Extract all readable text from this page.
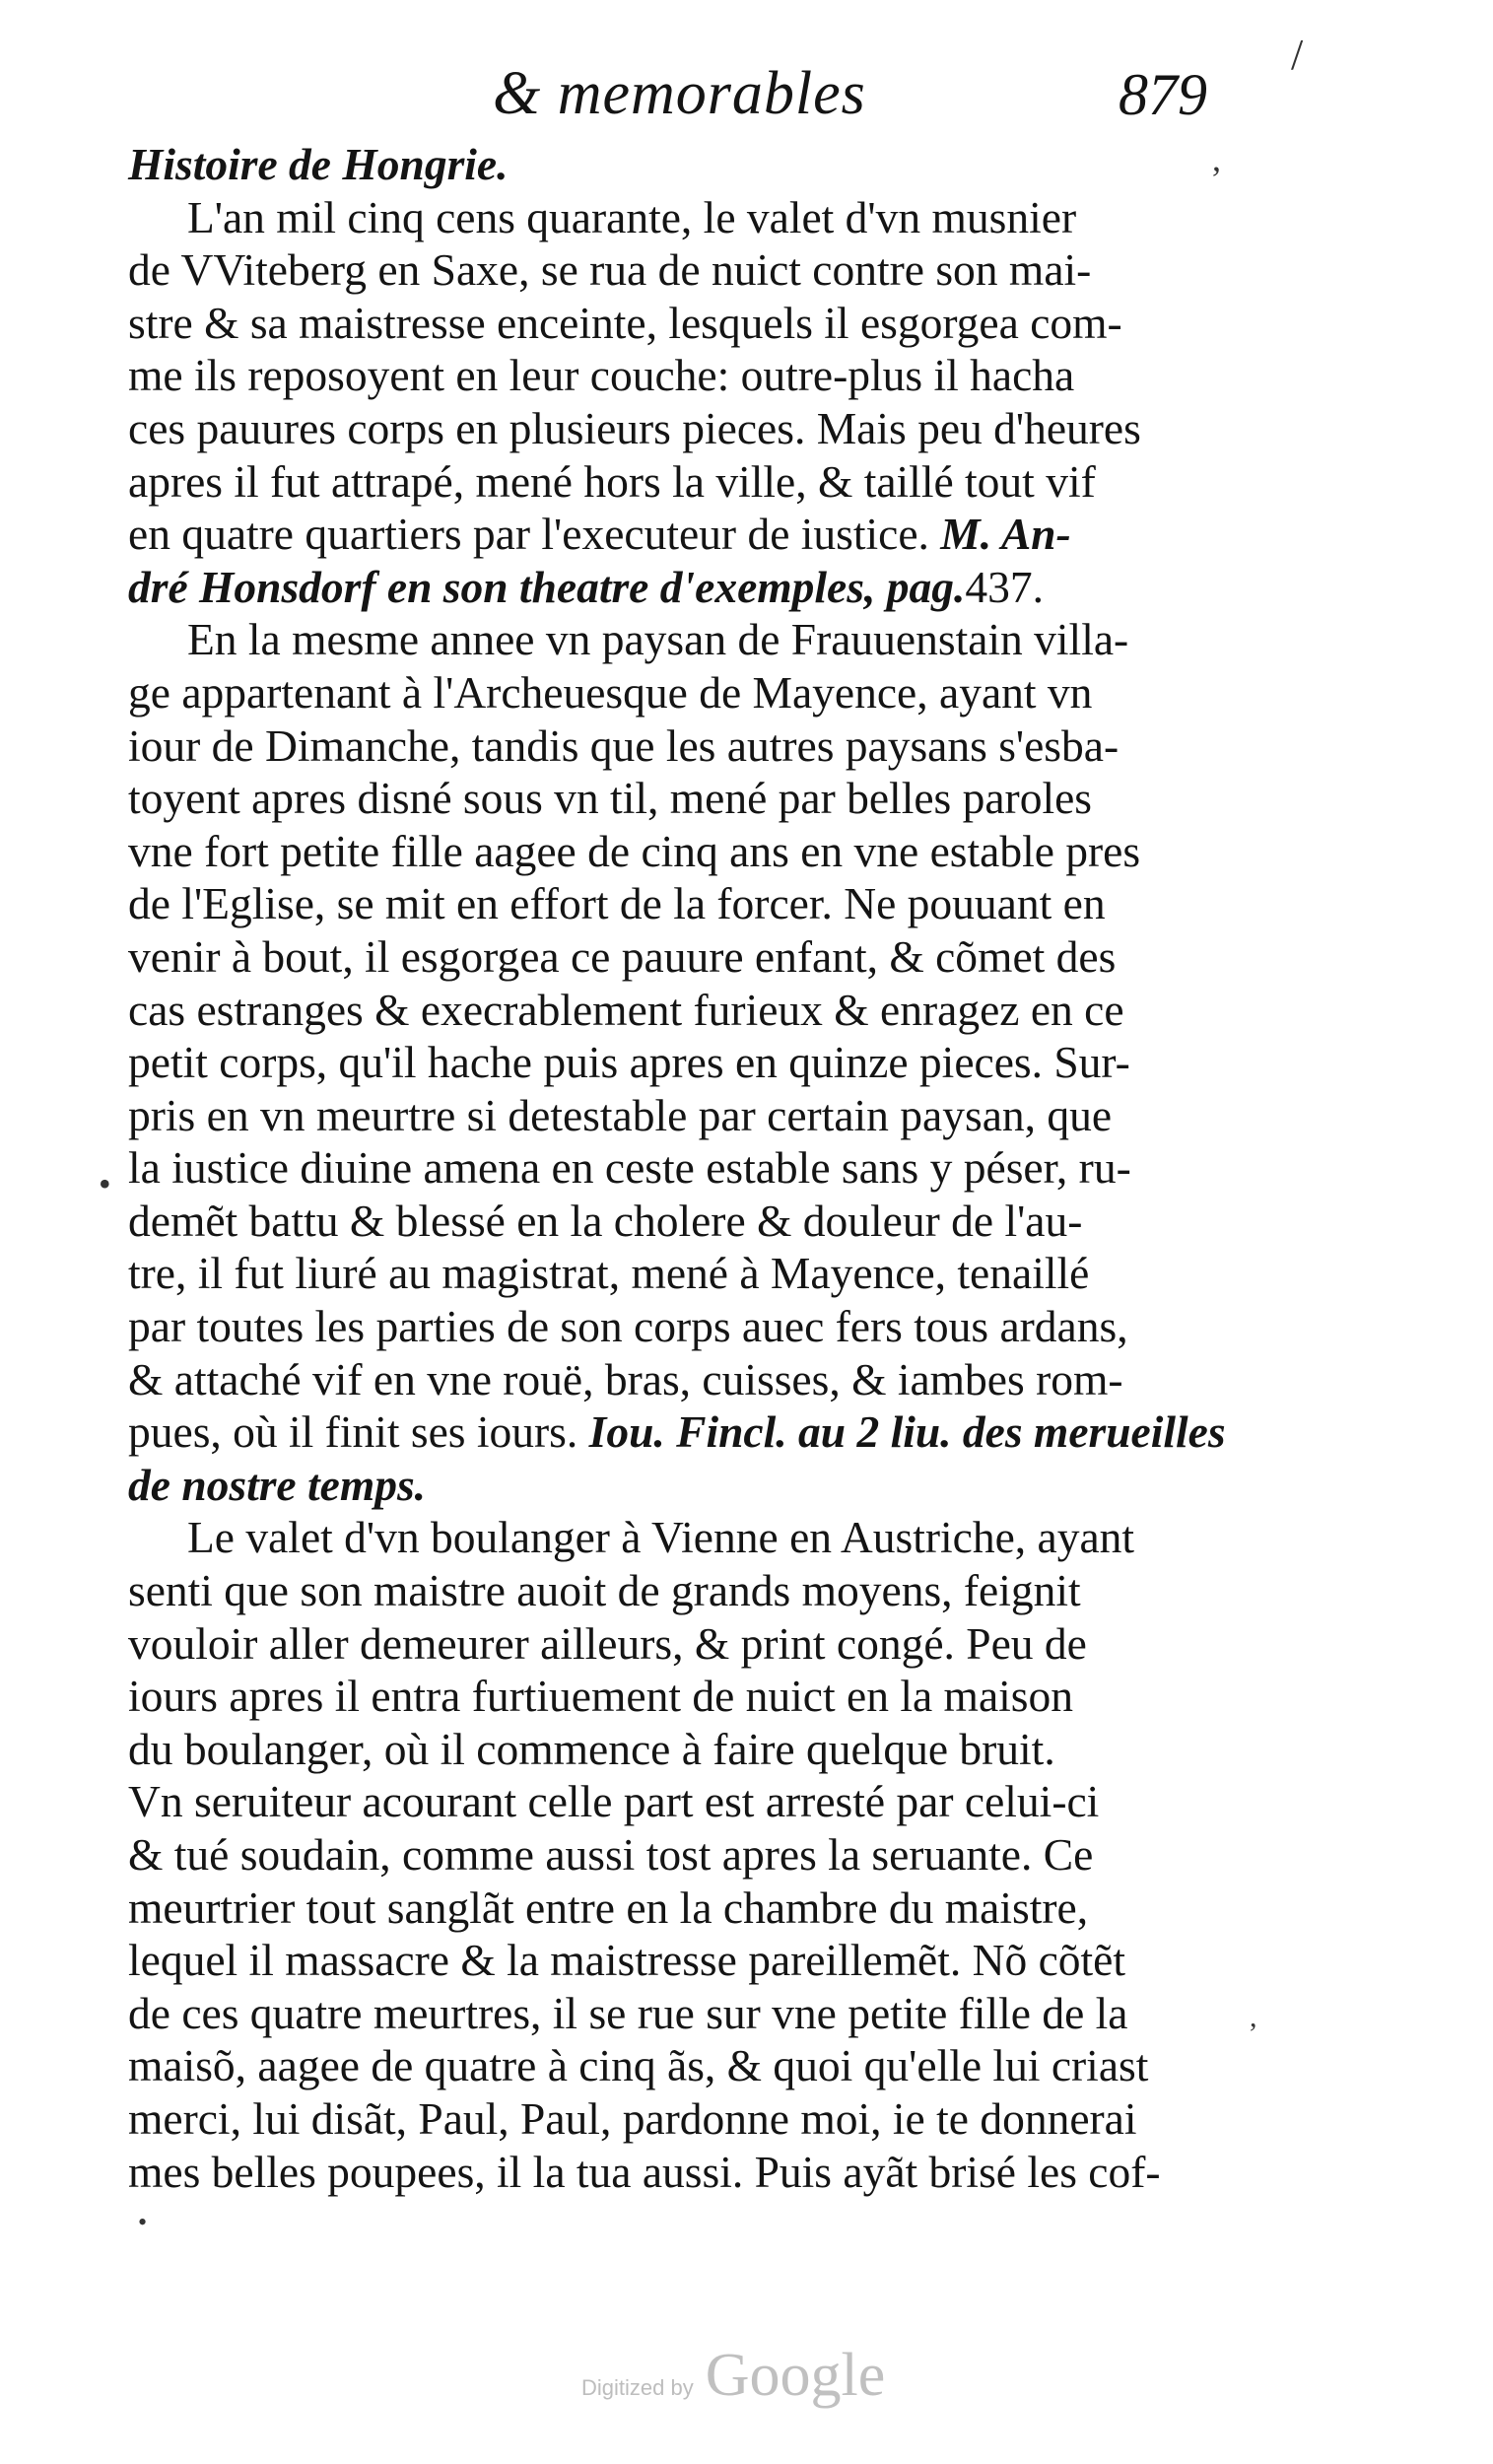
& memorables	879
,
/
•
,
•
Histoire de Hongrie.
L'an mil cinq cens quarante, le valet d'vn musnier
de VViteberg en Saxe, se rua de nuict contre son mai-
stre & sa maistresse enceinte, lesquels il esgorgea com-
me ils reposoyent en leur couche: outre-plus il hacha
ces pauures corps en plusieurs pieces. Mais peu d'heures
apres il fut attrapé, mené hors la ville, & taillé tout vif
en quatre quartiers par l'executeur de iustice. M. An-
dré Honsdorf en son theatre d'exemples, pag.437.
En la mesme annee vn paysan de Frauuenstain villa-
ge appartenant à l'Archeuesque de Mayence, ayant vn
iour de Dimanche, tandis que les autres paysans s'esba-
toyent apres disné sous vn til, mené par belles paroles
vne fort petite fille aagee de cinq ans en vne estable pres
de l'Eglise, se mit en effort de la forcer. Ne pouuant en
venir à bout, il esgorgea ce pauure enfant, & cõmet des
cas estranges & execrablement furieux & enragez en ce
petit corps, qu'il hache puis apres en quinze pieces. Sur-
pris en vn meurtre si detestable par certain paysan, que
la iustice diuine amena en ceste estable sans y péser, ru-
demẽt battu & blessé en la cholere & douleur de l'au-
tre, il fut liuré au magistrat, mené à Mayence, tenaillé
par toutes les parties de son corps auec fers tous ardans,
& attaché vif en vne rouë, bras, cuisses, & iambes rom-
pues, où il finit ses iours. Iou. Fincl. au 2 liu. des merueilles
de nostre temps.
Le valet d'vn boulanger à Vienne en Austriche, ayant
senti que son maistre auoit de grands moyens, feignit
vouloir aller demeurer ailleurs, & print congé. Peu de
iours apres il entra furtiuement de nuict en la maison
du boulanger, où il commence à faire quelque bruit.
Vn seruiteur acourant celle part est arresté par celui-ci
& tué soudain, comme aussi tost apres la seruante. Ce
meurtrier tout sanglãt entre en la chambre du maistre,
lequel il massacre & la maistresse pareillemẽt. Nõ cõtẽt
de ces quatre meurtres, il se rue sur vne petite fille de la
maisõ, aagee de quatre à cinq ãs, & quoi qu'elle lui criast
merci, lui disãt, Paul, Paul, pardonne moi, ie te donnerai
mes belles poupees, il la tua aussi. Puis ayãt brisé les cof-
Digitized by Google
